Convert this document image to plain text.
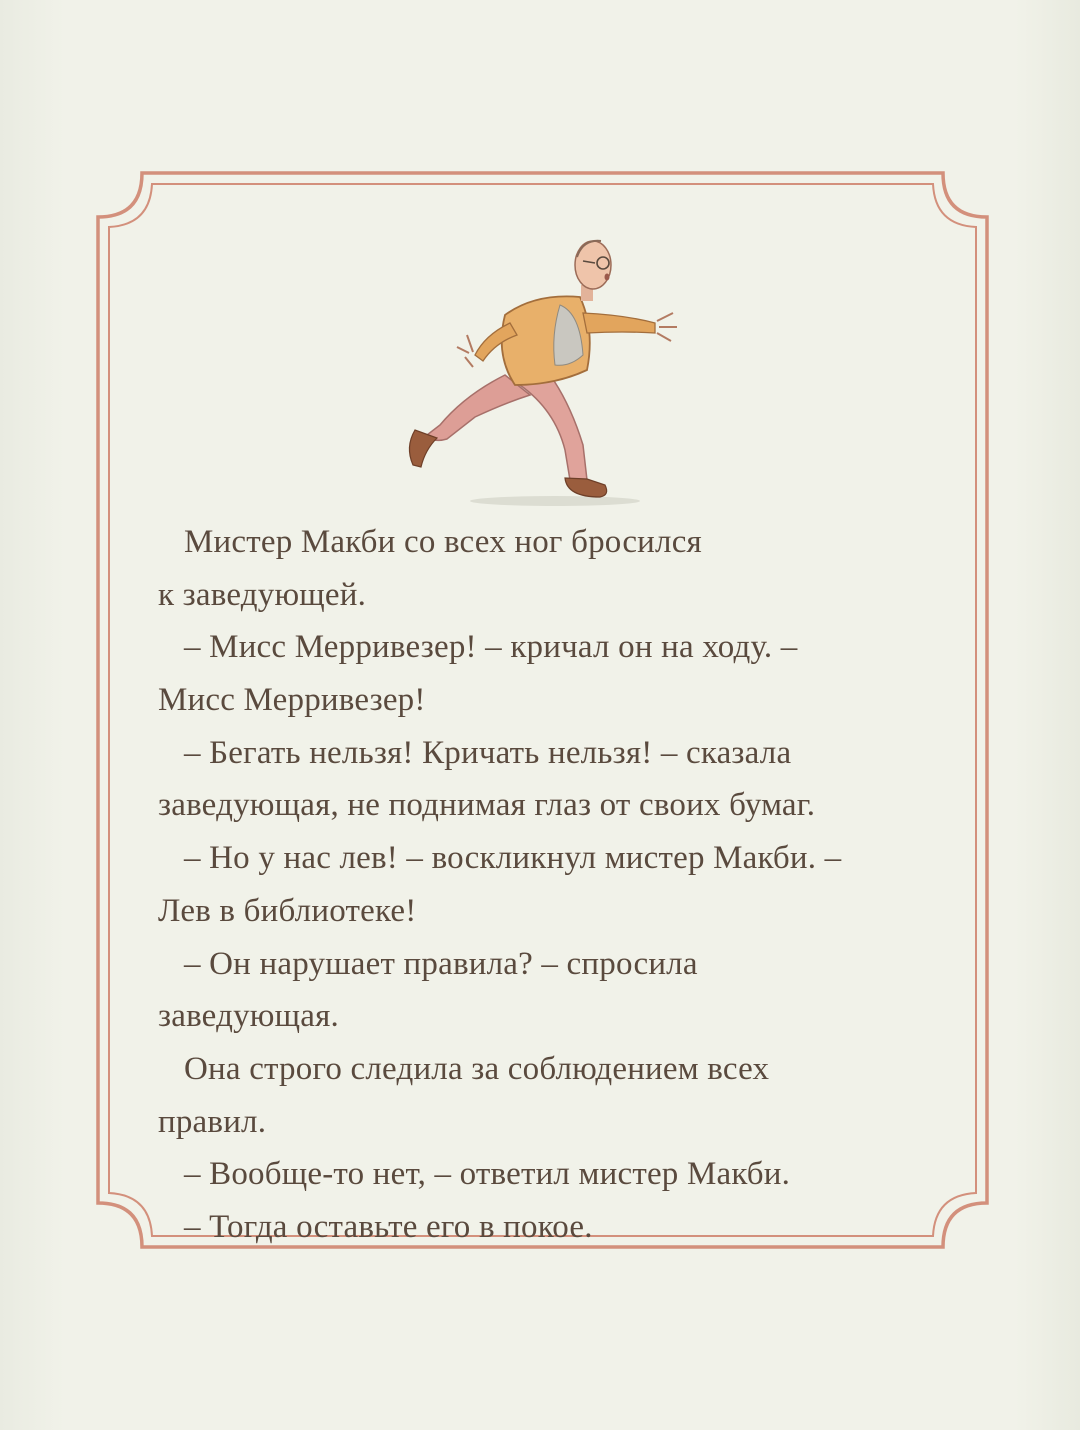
Мистер Макби со всех ног бросился
к заведующей.
– Мисс Мерривезер! – кричал он на ходу. –
Мисс Мерривезер!
– Бегать нельзя! Кричать нельзя! – сказала
заведующая, не поднимая глаз от своих бумаг.
– Но у нас лев! – воскликнул мистер Макби. –
Лев в библиотеке!
– Он нарушает правила? – спросила
заведующая.
Она строго следила за соблюдением всех
правил.
– Вообще-то нет, – ответил мистер Макби.
– Тогда оставьте его в покое.
